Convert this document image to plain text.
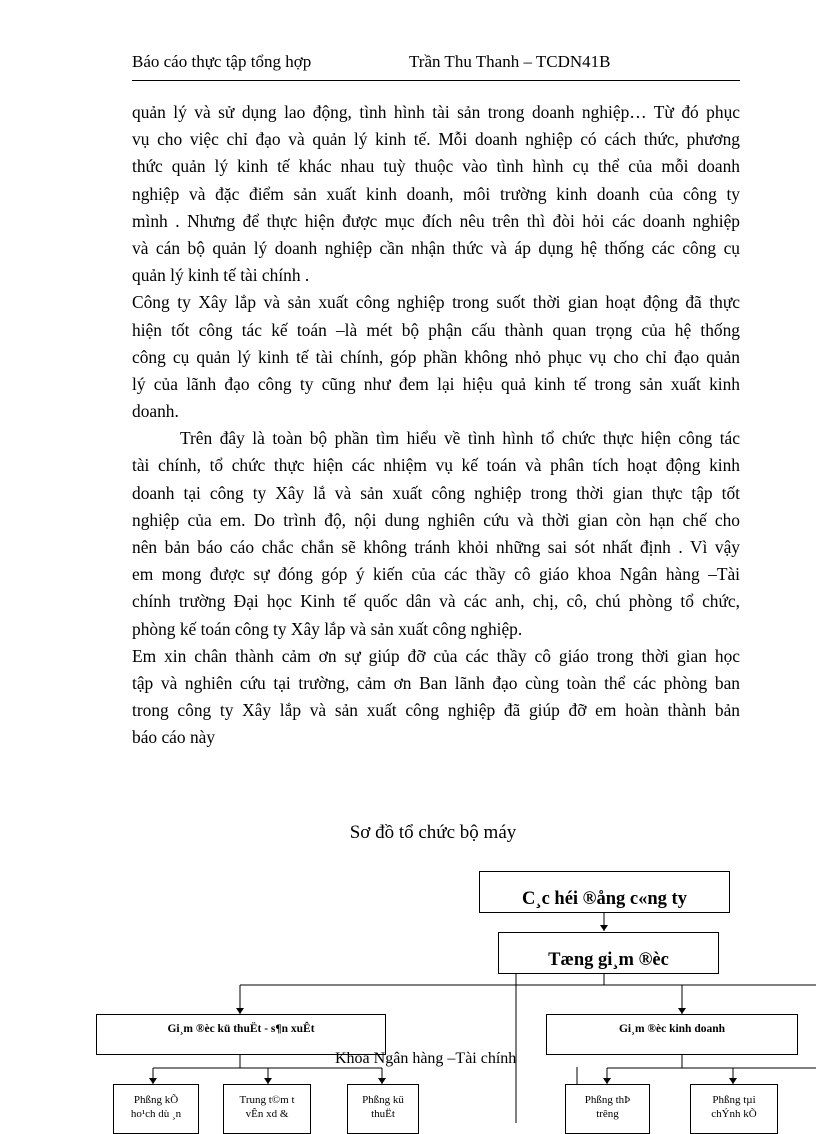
Báo cáo thực tập tổng hợp	Trần Thu Thanh – TCDN41B
quản lý và sử dụng lao động, tình hình tài sản trong doanh nghiệp… Từ đó phục
vụ cho việc chỉ đạo và quản lý kinh tế. Mỗi doanh nghiệp có cách thức, phương
thức quản lý kinh tế khác nhau tuỳ thuộc vào tình hình cụ thể của mỗi doanh
nghiệp và đặc điểm sản xuất kinh doanh, môi trường kinh doanh của công ty
mình . Nhưng để thực hiện được mục đích nêu trên thì đòi hỏi các doanh nghiệp
và cán bộ quản lý doanh nghiệp cần nhận thức và áp dụng hệ thống các công cụ
quản lý kinh tế tài chính .
Công ty Xây lắp và sản xuất công nghiệp trong suốt thời gian hoạt động đã thực
hiện tốt công tác kế toán –là mét bộ phận cấu thành quan trọng của hệ thống
công cụ quản lý kinh tế tài chính, góp phần không nhỏ phục vụ cho chỉ đạo quản
lý của lãnh đạo công ty cũng như đem lại hiệu quả kinh tế trong sản xuất kinh
doanh.
Trên đây là toàn bộ phần tìm hiểu về tình hình tổ chức thực hiện công tác
tài chính, tổ chức thực hiện các nhiệm vụ kế toán và phân tích hoạt động kinh
doanh tại công ty Xây lắ và sản xuất công nghiệp trong thời gian thực tập tốt
nghiệp của em. Do trình độ, nội dung nghiên cứu và thời gian còn hạn chế cho
nên bản báo cáo chắc chắn sẽ không tránh khỏi những sai sót nhất định . Vì vậy
em mong được sự đóng góp ý kiến của các thầy cô giáo khoa Ngân hàng –Tài
chính trường Đại học Kinh tế quốc dân và các anh, chị, cô, chú phòng tổ chức,
phòng kế toán công ty Xây lắp và sản xuất công nghiệp.
Em xin chân thành cảm ơn sự giúp đỡ của các thầy cô giáo trong thời gian học
tập và nghiên cứu tại trường, cảm ơn Ban lãnh đạo cùng toàn thể các phòng ban
trong công ty Xây lắp và sản xuất công nghiệp đã giúp đỡ em hoàn thành bản
báo cáo này
Sơ đồ tổ chức bộ máy
C¸c héi ®ång c«ng ty
Tæng gi¸m ®èc
Gi¸m ®èc kü thuËt - s¶n xuÊt	Gi¸m ®èc kinh doanh
Khoa Ngân hàng –Tài chính
Phßng kÕ
ho¹ch dù ¸n
Trung t©m t
vÊn xd &
Phßng kü
thuËt
Phßng thÞ
trêng
Phßng tµi
chÝnh kÕ
